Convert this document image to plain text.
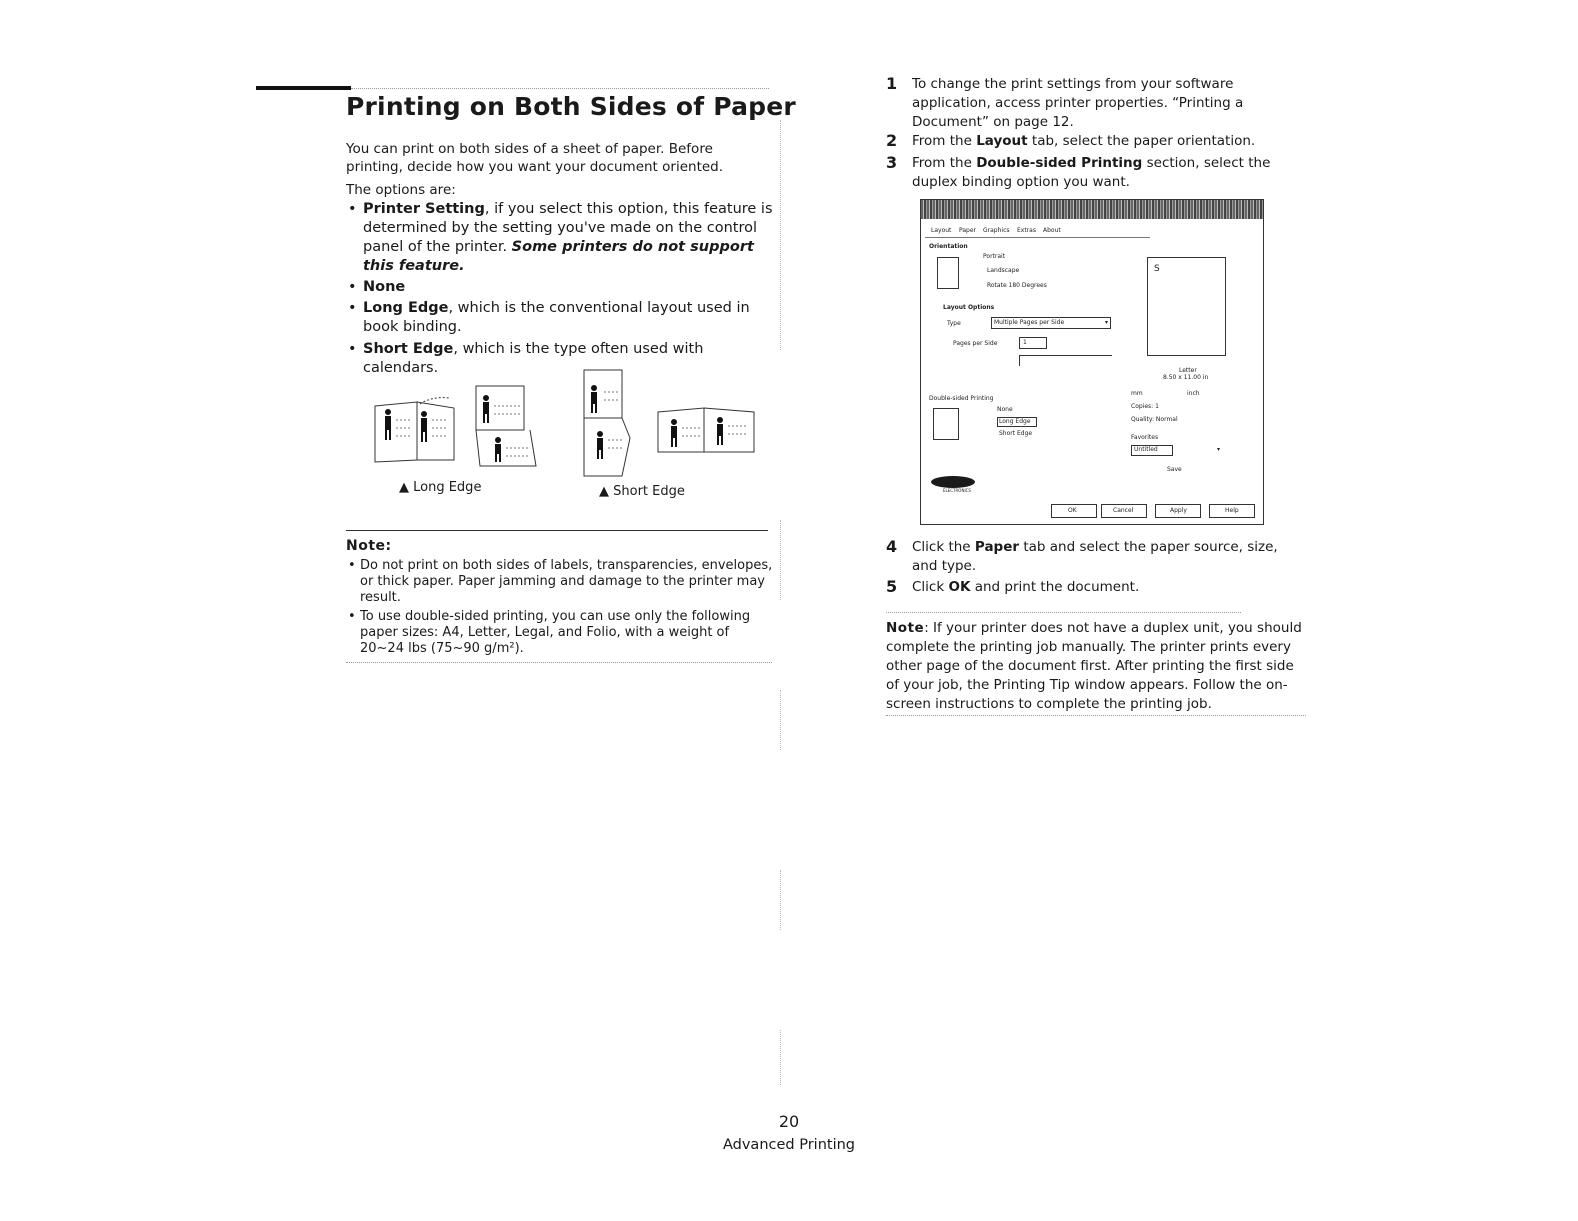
Printing on Both Sides of Paper

You can print on both sides of a sheet of paper. Before printing, decide how you want your document oriented.

The options are:

• Printer Setting, if you select this option, this feature is determined by the setting you've made on the control panel of the printer. Some printers do not support this feature.
• None
• Long Edge, which is the conventional layout used in book binding.
• Short Edge, which is the type often used with calendars.
▲ Long Edge	▲ Short Edge
Note:
• Do not print on both sides of labels, transparencies, envelopes, or thick paper. Paper jamming and damage to the printer may result.
• To use double-sided printing, you can use only the following paper sizes: A4, Letter, Legal, and Folio, with a weight of 20~24 lbs (75~90 g/m²).
1 To change the print settings from your software application, access printer properties. “Printing a Document” on page 12.
2 From the Layout tab, select the paper orientation.
3 From the Double-sided Printing section, select the duplex binding option you want.
Layout Paper Graphics Extras About
Orientation
Portrait
Landscape
Rotate 180 Degrees
Layout Options
Type	Multiple Pages per Side	▾
Pages per Side	1
Double-sided Printing
None
Long Edge
Short Edge
S
Letter
8.50 x 11.00 in
mm	inch
Copies: 1
Quality: Normal
Favorites
Untitled	▾
Save
ELECTRONICS
OK	Cancel	Apply	Help
4 Click the Paper tab and select the paper source, size, and type.
5 Click OK and print the document.
Note: If your printer does not have a duplex unit, you should complete the printing job manually. The printer prints every other page of the document first. After printing the first side of your job, the Printing Tip window appears. Follow the on-screen instructions to complete the printing job.
20
Advanced Printing
